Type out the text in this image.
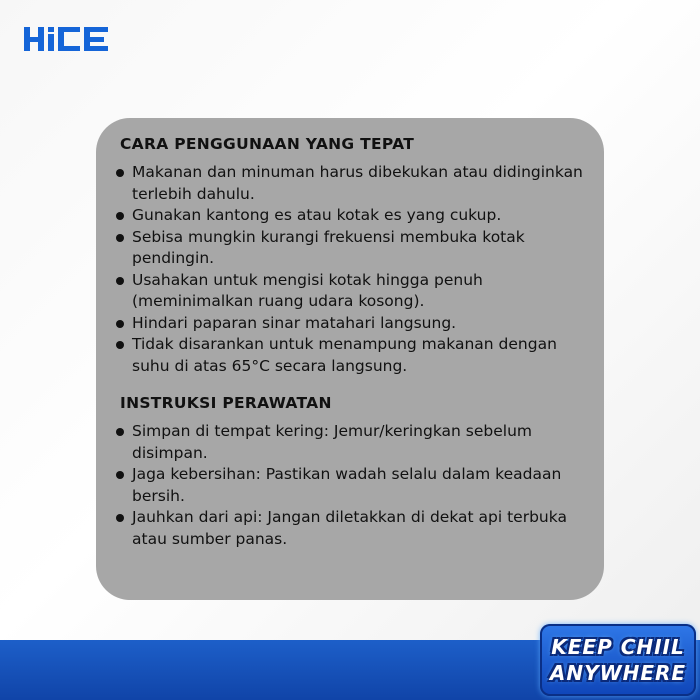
CARA PENGGUNAAN YANG TEPAT
Makanan dan minuman harus dibekukan atau didinginkan terlebih dahulu.
Gunakan kantong es atau kotak es yang cukup.
Sebisa mungkin kurangi frekuensi membuka kotak pendingin.
Usahakan untuk mengisi kotak hingga penuh (meminimalkan ruang udara kosong).
Hindari paparan sinar matahari langsung.
Tidak disarankan untuk menampung makanan dengan suhu di atas 65°C secara langsung.
INSTRUKSI PERAWATAN
Simpan di tempat kering: Jemur/keringkan sebelum disimpan.
Jaga kebersihan: Pastikan wadah selalu dalam keadaan bersih.
Jauhkan dari api: Jangan diletakkan di dekat api terbuka atau sumber panas.
KEEP CHIIL
ANYWHERE
